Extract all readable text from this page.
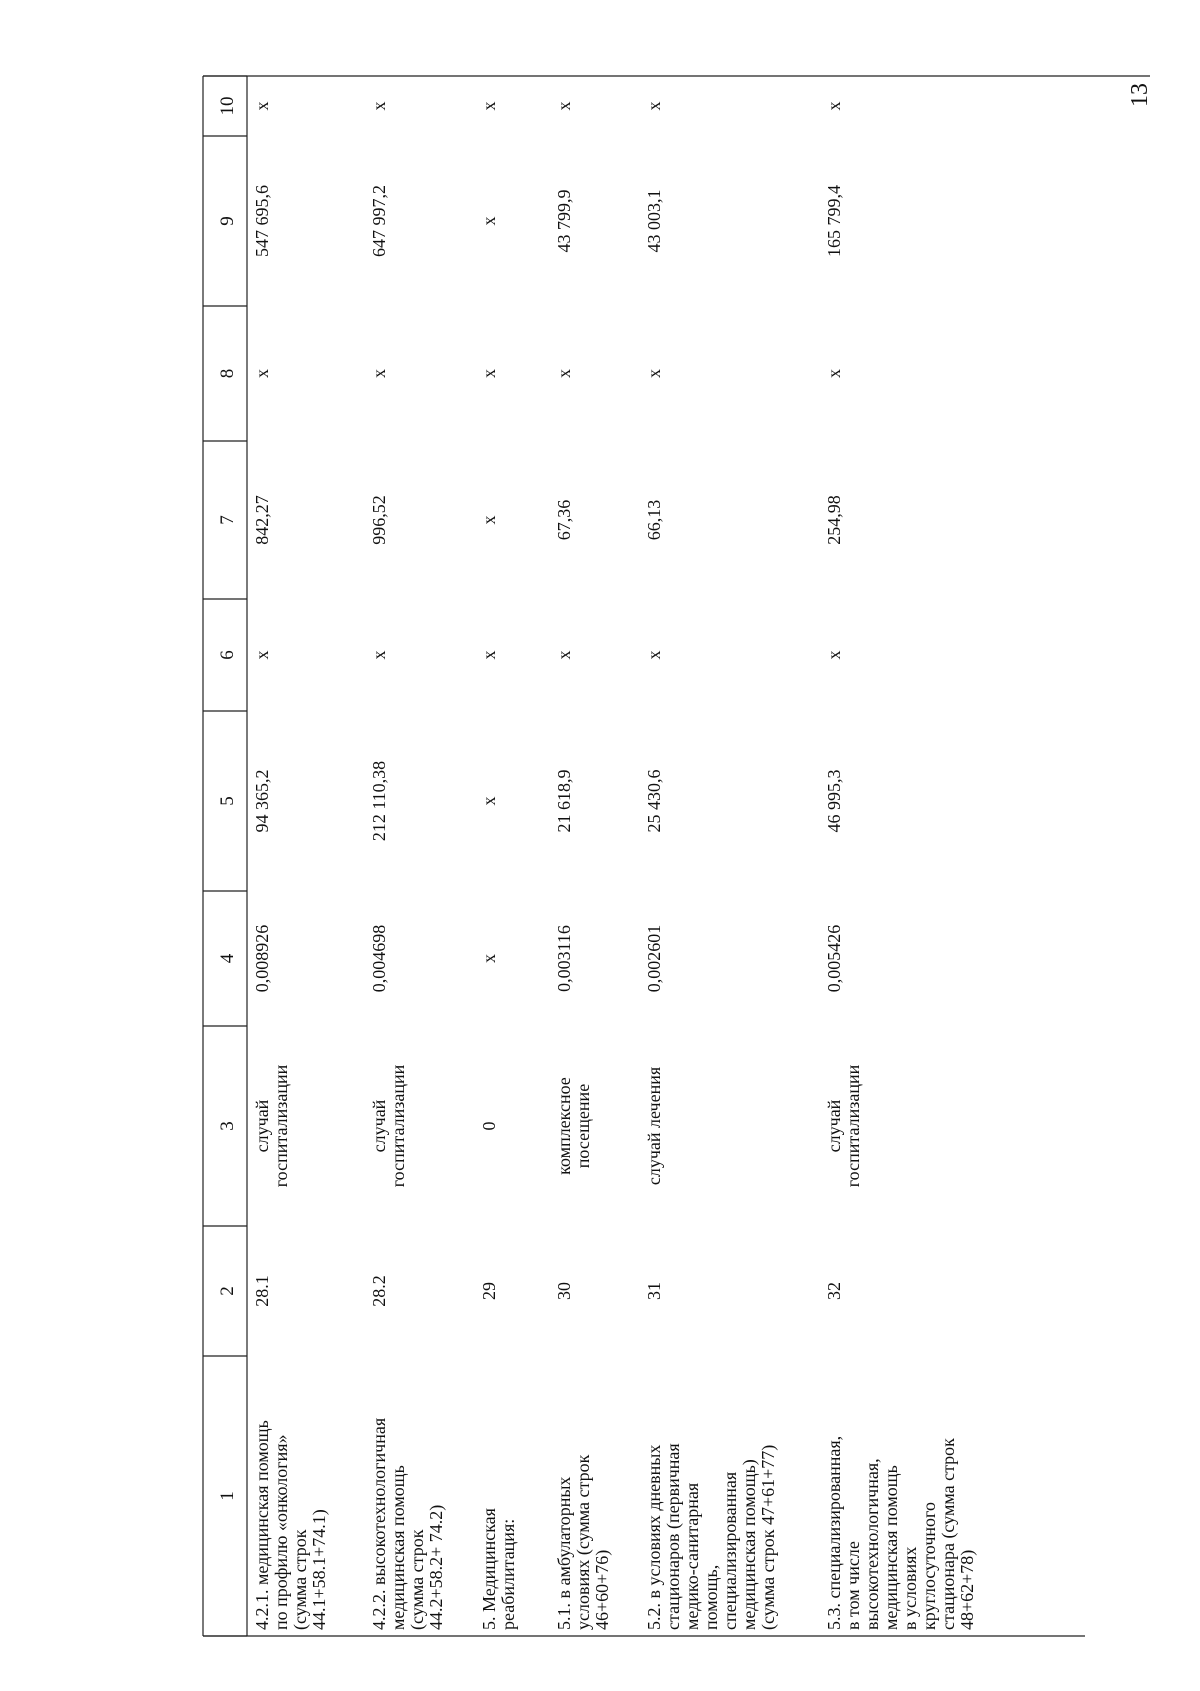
13
1
2
3
4
5
6
7
8
9
10
4.2.1. медицинская помощь по профилю «онкология» (сумма строк 44.1+58.1+74.1)
28.1
случай госпитализации
0,008926
94 365,2
х
842,27
х
547 695,6
х
4.2.2. высокотехнологичная медицинская помощь (сумма строк 44.2+58.2+ 74.2)
28.2
случай госпитализации
0,004698
212 110,38
х
996,52
х
647 997,2
х
5. Медицинская реабилитация:
29
0
х
х
х
х
х
х
х
5.1. в амбулаторных условиях (сумма строк 46+60+76)
30
комплексное посещение
0,003116
21 618,9
х
67,36
х
43 799,9
х
5.2. в условиях дневных стационаров (первичная медико-санитарная помощь, специализированная медицинская помощь) (сумма строк 47+61+77)
31
случай лечения
0,002601
25 430,6
х
66,13
х
43 003,1
х
5.3. специализированная, в том числе высокотехнологичная, медицинская помощь в условиях круглосуточного стационара (сумма строк 48+62+78)
32
случай госпитализации
0,005426
46 995,3
х
254,98
х
165 799,4
х
